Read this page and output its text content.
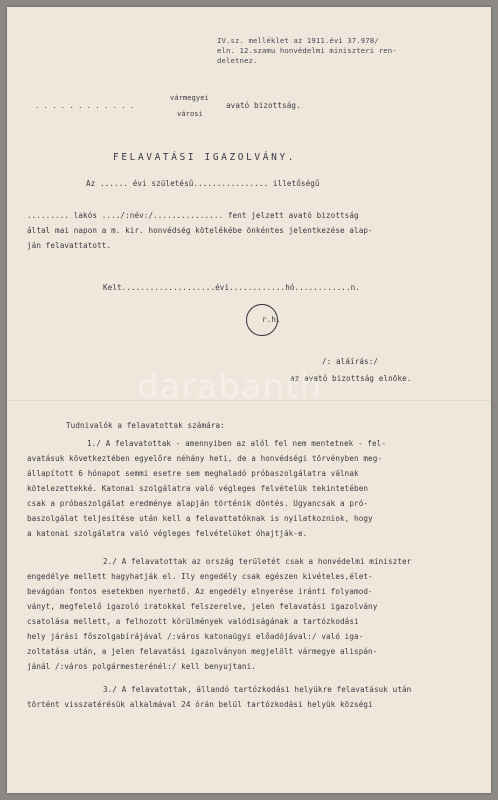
IV.sz. melléklet az 1911.évi 37.978/
eln. 12.szamu honvédelmi miniszteri ren-
deletnez.
. . . . . . . . . . . .
vármegyei
városi
avató bizottság.
FELAVATÁSI IGAZOLVÁNY.
Az ...... évi születésű................ illetőségű
......... lakós ..../:név:/............... fent jelzett avató bizottság
által mai napon a m. kir. honvédség kötelékébe önkéntes jelentkezése alap-
ján felavattatott.
Kelt....................évi............hó............n.
r.h.
/: aláírás:/
az avató bizottság elnöke.
darabanth
Tudnivalók a felavatottak számára:
1./ A felavatottak - amennyiben az alól fel nem mentetnek - fel-
avatásuk következtében egyelőre néhány heti, de a honvédségi törvényben meg-
állapított 6 hónapot semmi esetre sem meghaladó próbaszolgálatra válnak
kötelezettekké. Katonai szolgálatra való végleges felvételük tekintetében
csak a próbaszolgálat eredménye alapján történik döntés. Ugyancsak a pró-
baszolgálat teljesítése után kell a felavattatóknak is nyilatkozniok, hogy
a katonai szolgálatra való végleges felvételüket óhajtják-e.
2./ A felavatottak az ország területét csak a honvédelmi miniszter
engedélye mellett hagyhatják el. Ily engedély csak egészen kivételes,élet-
bevágóan fontos esetekben nyerhető. Az engedély elnyerése iránti folyamod-
ványt, megfelelő igazoló iratokkal felszerelve, jelen felavatási igazolvány
csatolása mellett, a felhozott körülmények valódiságának a tartózkodási
hely járási főszolgabírájával /:város katonaügyi előadójával:/ való iga-
zoltatása után, a jelen felavatási igazolványon megjelölt vármegye alispán-
jánál /:város polgármesterénél:/ kell benyujtani.
3./ A felavatottak, állandó tartózkodási helyükre felavatásuk után
történt visszatérésük alkalmával 24 órán belül tartózkodási helyük községi
